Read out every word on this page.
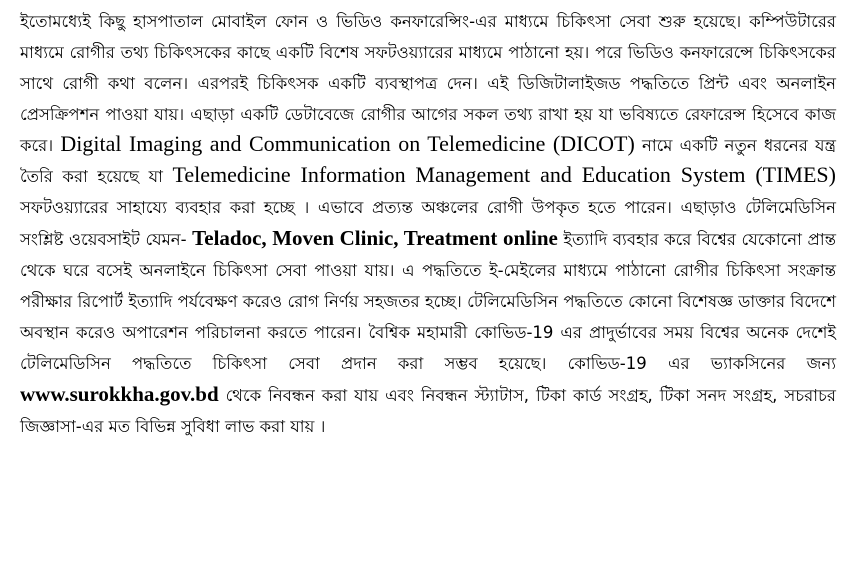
ইতোমধ্যেই কিছু হাসপাতাল মোবাইল ফোন ও ভিডিও কনফারেন্সিং-এর মাধ্যমে চিকিৎসা সেবা শুরু হয়েছে। কম্পিউটারের মাধ্যমে রোগীর তথ্য চিকিৎসকের কাছে একটি বিশেষ সফটওয়্যারের মাধ্যমে পাঠানো হয়। পরে ভিডিও কনফারেন্সে চিকিৎসকের সাথে রোগী কথা বলেন। এরপরই চিকিৎসক একটি ব্যবস্থাপত্র দেন। এই ডিজিটালাইজড পদ্ধতিতে প্রিন্ট এবং অনলাইন প্রেসক্রিপশন পাওয়া যায়। এছাড়া একটি ডেটাবেজে রোগীর আগের সকল তথ্য রাখা হয় যা ভবিষ্যতে রেফারেন্স হিসেবে কাজ করে। Digital Imaging and Communication on Telemedicine (DICOT) নামে একটি নতুন ধরনের যন্ত্র তৈরি করা হয়েছে যা Telemedicine Information Management and Education System (TIMES) সফটওয়্যারের সাহায্যে ব্যবহার করা হচ্ছে । এভাবে প্রত্যন্ত অঞ্চলের রোগী উপকৃত হতে পারেন। এছাড়াও টেলিমেডিসিন সংশ্লিষ্ট ওয়েবসাইট যেমন- Teladoc, Moven Clinic, Treatment online ইত্যাদি ব্যবহার করে বিশ্বের যেকোনো প্রান্ত থেকে ঘরে বসেই অনলাইনে চিকিৎসা সেবা পাওয়া যায়। এ পদ্ধতিতে ই-মেইলের মাধ্যমে পাঠানো রোগীর চিকিৎসা সংক্রান্ত পরীক্ষার রিপোর্ট ইত্যাদি পর্যবেক্ষণ করেও রোগ নির্ণয় সহজতর হচ্ছে। টেলিমেডিসিন পদ্ধতিতে কোনো বিশেষজ্ঞ ডাক্তার বিদেশে অবস্থান করেও অপারেশন পরিচালনা করতে পারেন। বৈশ্বিক মহামারী কোভিড-19 এর প্রাদুর্ভাবের সময় বিশ্বের অনেক দেশেই টেলিমেডিসিন পদ্ধতিতে চিকিৎসা সেবা প্রদান করা সম্ভব হয়েছে। কোভিড-19 এর ভ্যাকসিনের জন্য www.surokkha.gov.bd থেকে নিবন্ধন করা যায় এবং নিবন্ধন স্ট্যাটাস, টিকা কার্ড সংগ্রহ, টিকা সনদ সংগ্রহ, সচরাচর জিজ্ঞাসা-এর মত বিভিন্ন সুবিধা লাভ করা যায় ।
